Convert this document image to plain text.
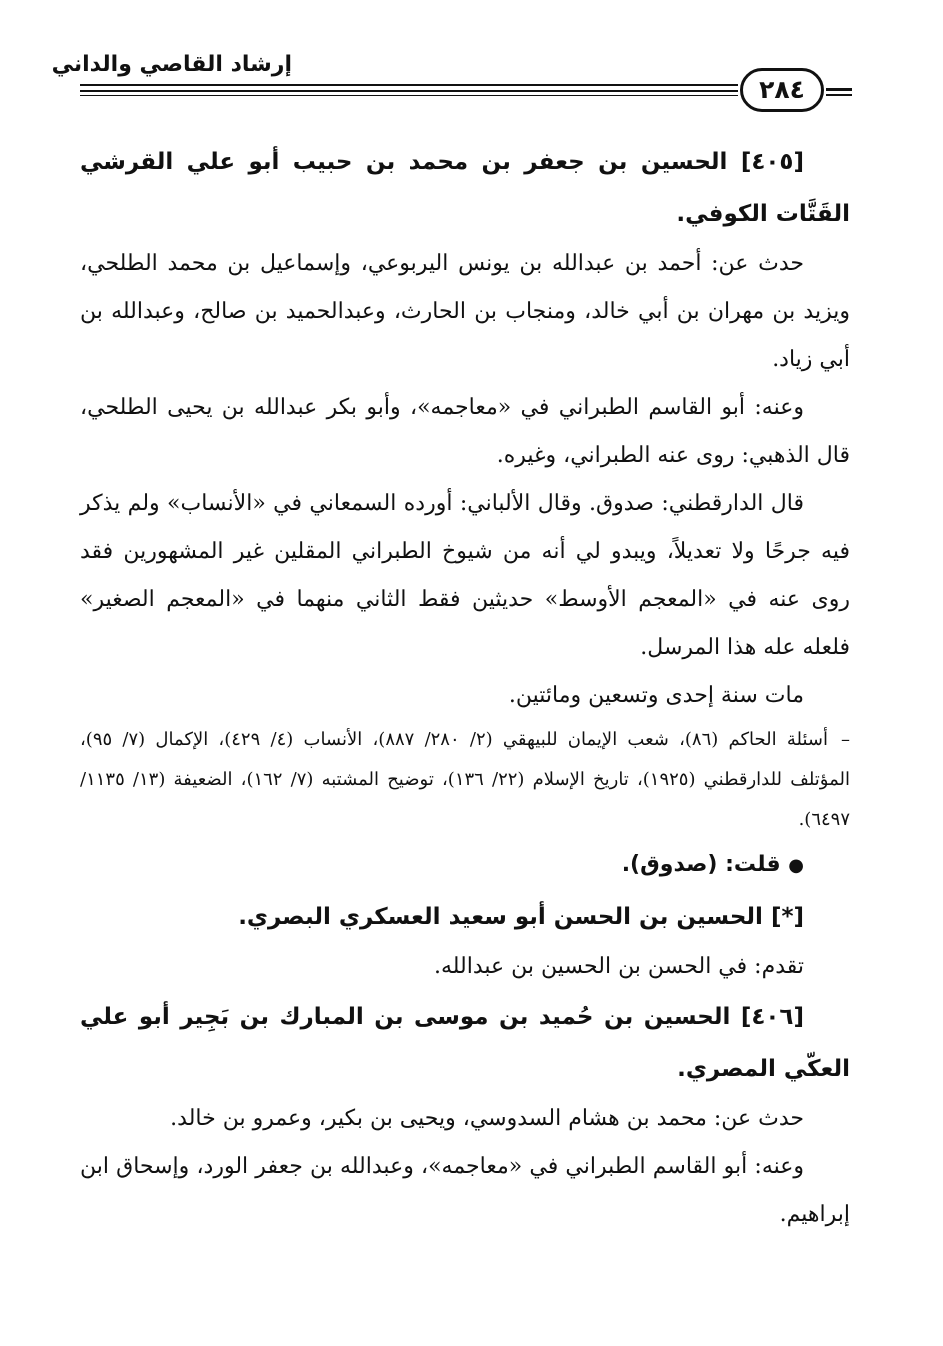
إرشاد القاصي والداني
٢٨٤

[٤٠٥] الحسين بن جعفر بن محمد بن حبيب أبو علي القرشي القَتَّات الكوفي.

حدث عن: أحمد بن عبدالله بن يونس اليربوعي، وإسماعيل بن محمد الطلحي، ويزيد بن مهران بن أبي خالد، ومنجاب بن الحارث، وعبدالحميد بن صالح، وعبدالله بن أبي زياد.

وعنه: أبو القاسم الطبراني في «معاجمه»، وأبو بكر عبدالله بن يحيى الطلحي، قال الذهبي: روى عنه الطبراني، وغيره.

قال الدارقطني: صدوق. وقال الألباني: أورده السمعاني في «الأنساب» ولم يذكر فيه جرحًا ولا تعديلاً، ويبدو لي أنه من شيوخ الطبراني المقلين غير المشهورين فقد روى عنه في «المعجم الأوسط» حديثين فقط الثاني منهما في «المعجم الصغير» فلعله عله هذا المرسل.

مات سنة إحدى وتسعين ومائتين.

–أسئلة الحاكم (٨٦)، شعب الإيمان للبيهقي (٢/ ٢٨٠/ ٨٨٧)، الأنساب (٤/ ٤٢٩)، الإكمال (٧/ ٩٥)، المؤتلف للدارقطني (١٩٢٥)، تاريخ الإسلام (٢٢/ ١٣٦)، توضيح المشتبه (٧/ ١٦٢)، الضعيفة (١٣/ ١١٣٥/ ٦٤٩٧).

● قلت: (صدوق).

[*] الحسين بن الحسن أبو سعيد العسكري البصري.

تقدم: في الحسن بن الحسين بن عبدالله.

[٤٠٦] الحسين بن حُميد بن موسى بن المبارك بن بَجِير أبو علي العكّي المصري.

حدث عن: محمد بن هشام السدوسي، ويحيى بن بكير، وعمرو بن خالد.

وعنه: أبو القاسم الطبراني في «معاجمه»، وعبدالله بن جعفر الورد، وإسحاق ابن إبراهيم.
